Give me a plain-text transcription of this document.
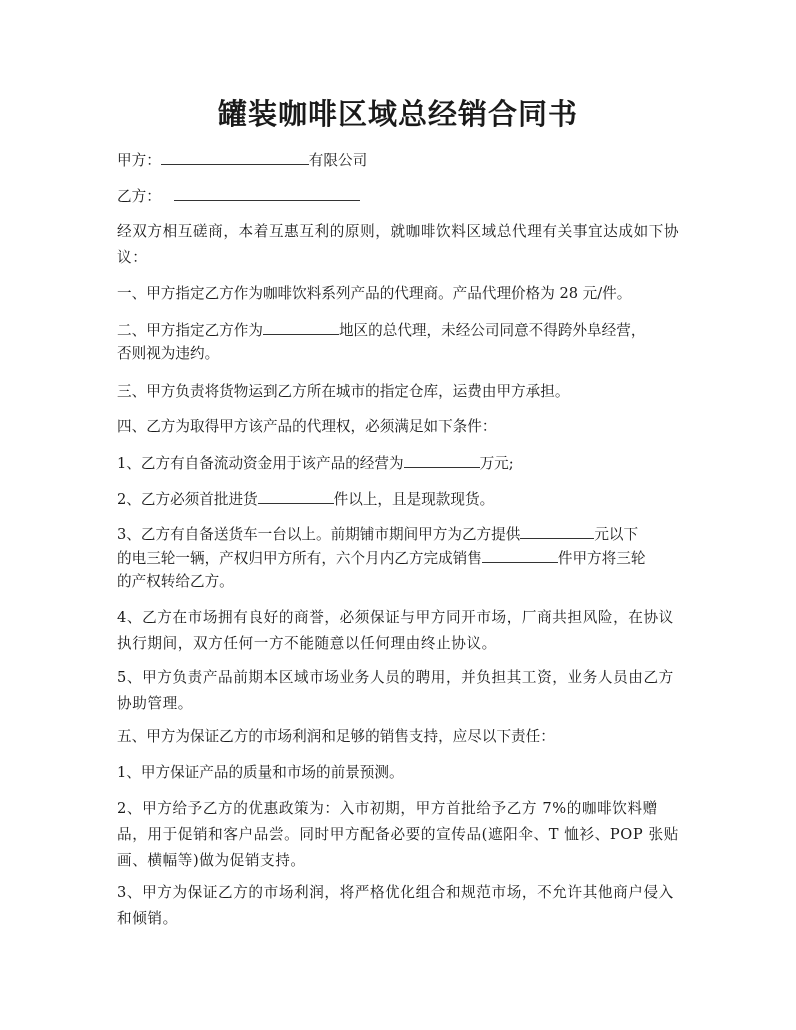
罐装咖啡区域总经销合同书

甲方：	有限公司

乙方：

经双方相互磋商，本着互惠互利的原则，就咖啡饮料区域总代理有关事宜达成如下协议：

一、甲方指定乙方作为咖啡饮料系列产品的代理商。产品代理价格为 28 元/件。

二、甲方指定乙方作为	地区的总代理，未经公司同意不得跨外阜经营，

否则视为违约。

三、甲方负责将货物运到乙方所在城市的指定仓库，运费由甲方承担。

四、乙方为取得甲方该产品的代理权，必须满足如下条件：

1、乙方有自备流动资金用于该产品的经营为	万元;

2、乙方必须首批进货	件以上，且是现款现货。

3、乙方有自备送货车一台以上。前期铺市期间甲方为乙方提供	元以下

的电三轮一辆，产权归甲方所有，六个月内乙方完成销售	件甲方将三轮

的产权转给乙方。

4、乙方在市场拥有良好的商誉，必须保证与甲方同开市场，厂商共担风险，在协议执行期间，双方任何一方不能随意以任何理由终止协议。

5、甲方负责产品前期本区域市场业务人员的聘用，并负担其工资，业务人员由乙方协助管理。

五、甲方为保证乙方的市场利润和足够的销售支持，应尽以下责任：

1、甲方保证产品的质量和市场的前景预测。

2、甲方给予乙方的优惠政策为：入市初期，甲方首批给予乙方 7%的咖啡饮料赠品，用于促销和客户品尝。同时甲方配备必要的宣传品(遮阳伞、T 恤衫、POP 张贴画、横幅等)做为促销支持。

3、甲方为保证乙方的市场利润，将严格优化组合和规范市场，不允许其他商户侵入和倾销。
